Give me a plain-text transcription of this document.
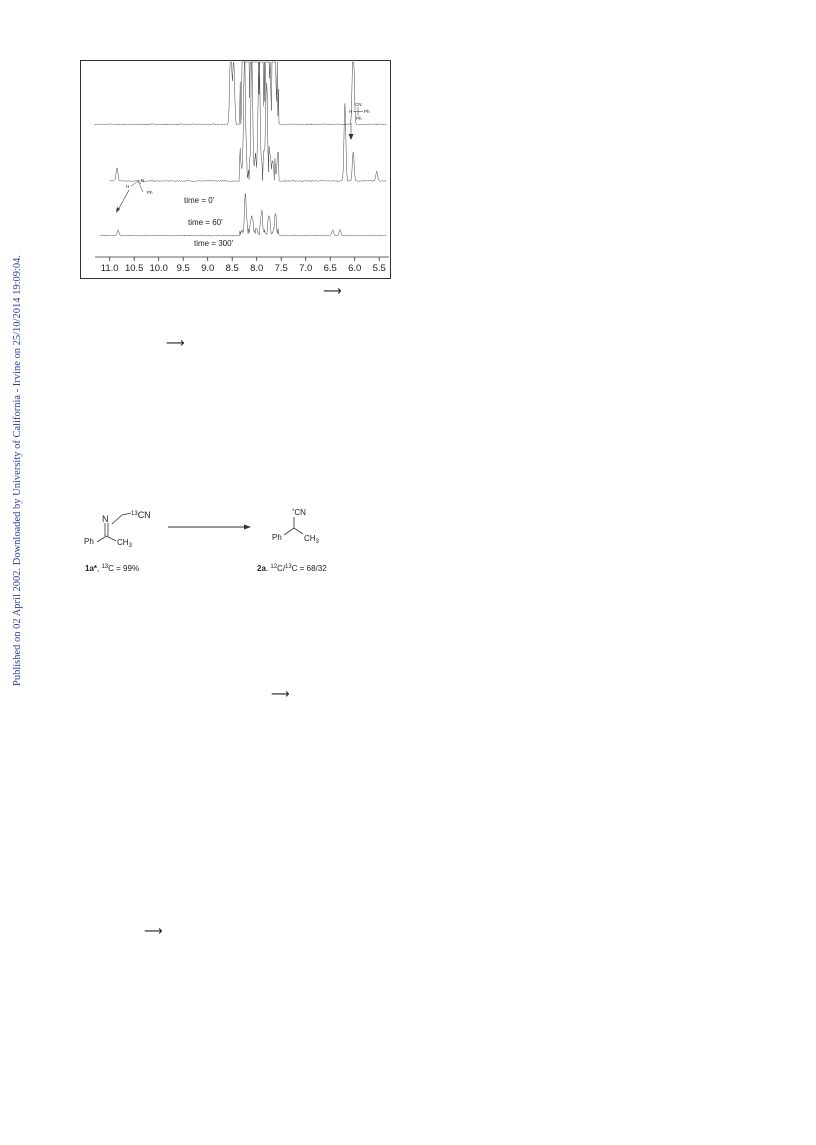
Published on 02 April 2002. Downloaded by University of California - Irvine on 25/10/2014 19:09:04.	11.0 10.5 10.0 9.5 9.0 8.5 8.0 7.5 7.0 6.5 6.0 5.5
time = 0'
time = 60'
time = 300'
H
N
Ph
CN
H	Ph
Ph
⟶
⟶
N	$^{13}$CN
Ph	$CH_3$
1a*, $^{13}$C = 99%
*CN
Ph	$CH_3$
2a. $^{12}$C/$^{13}$C = 68/32
⟶
⟶
